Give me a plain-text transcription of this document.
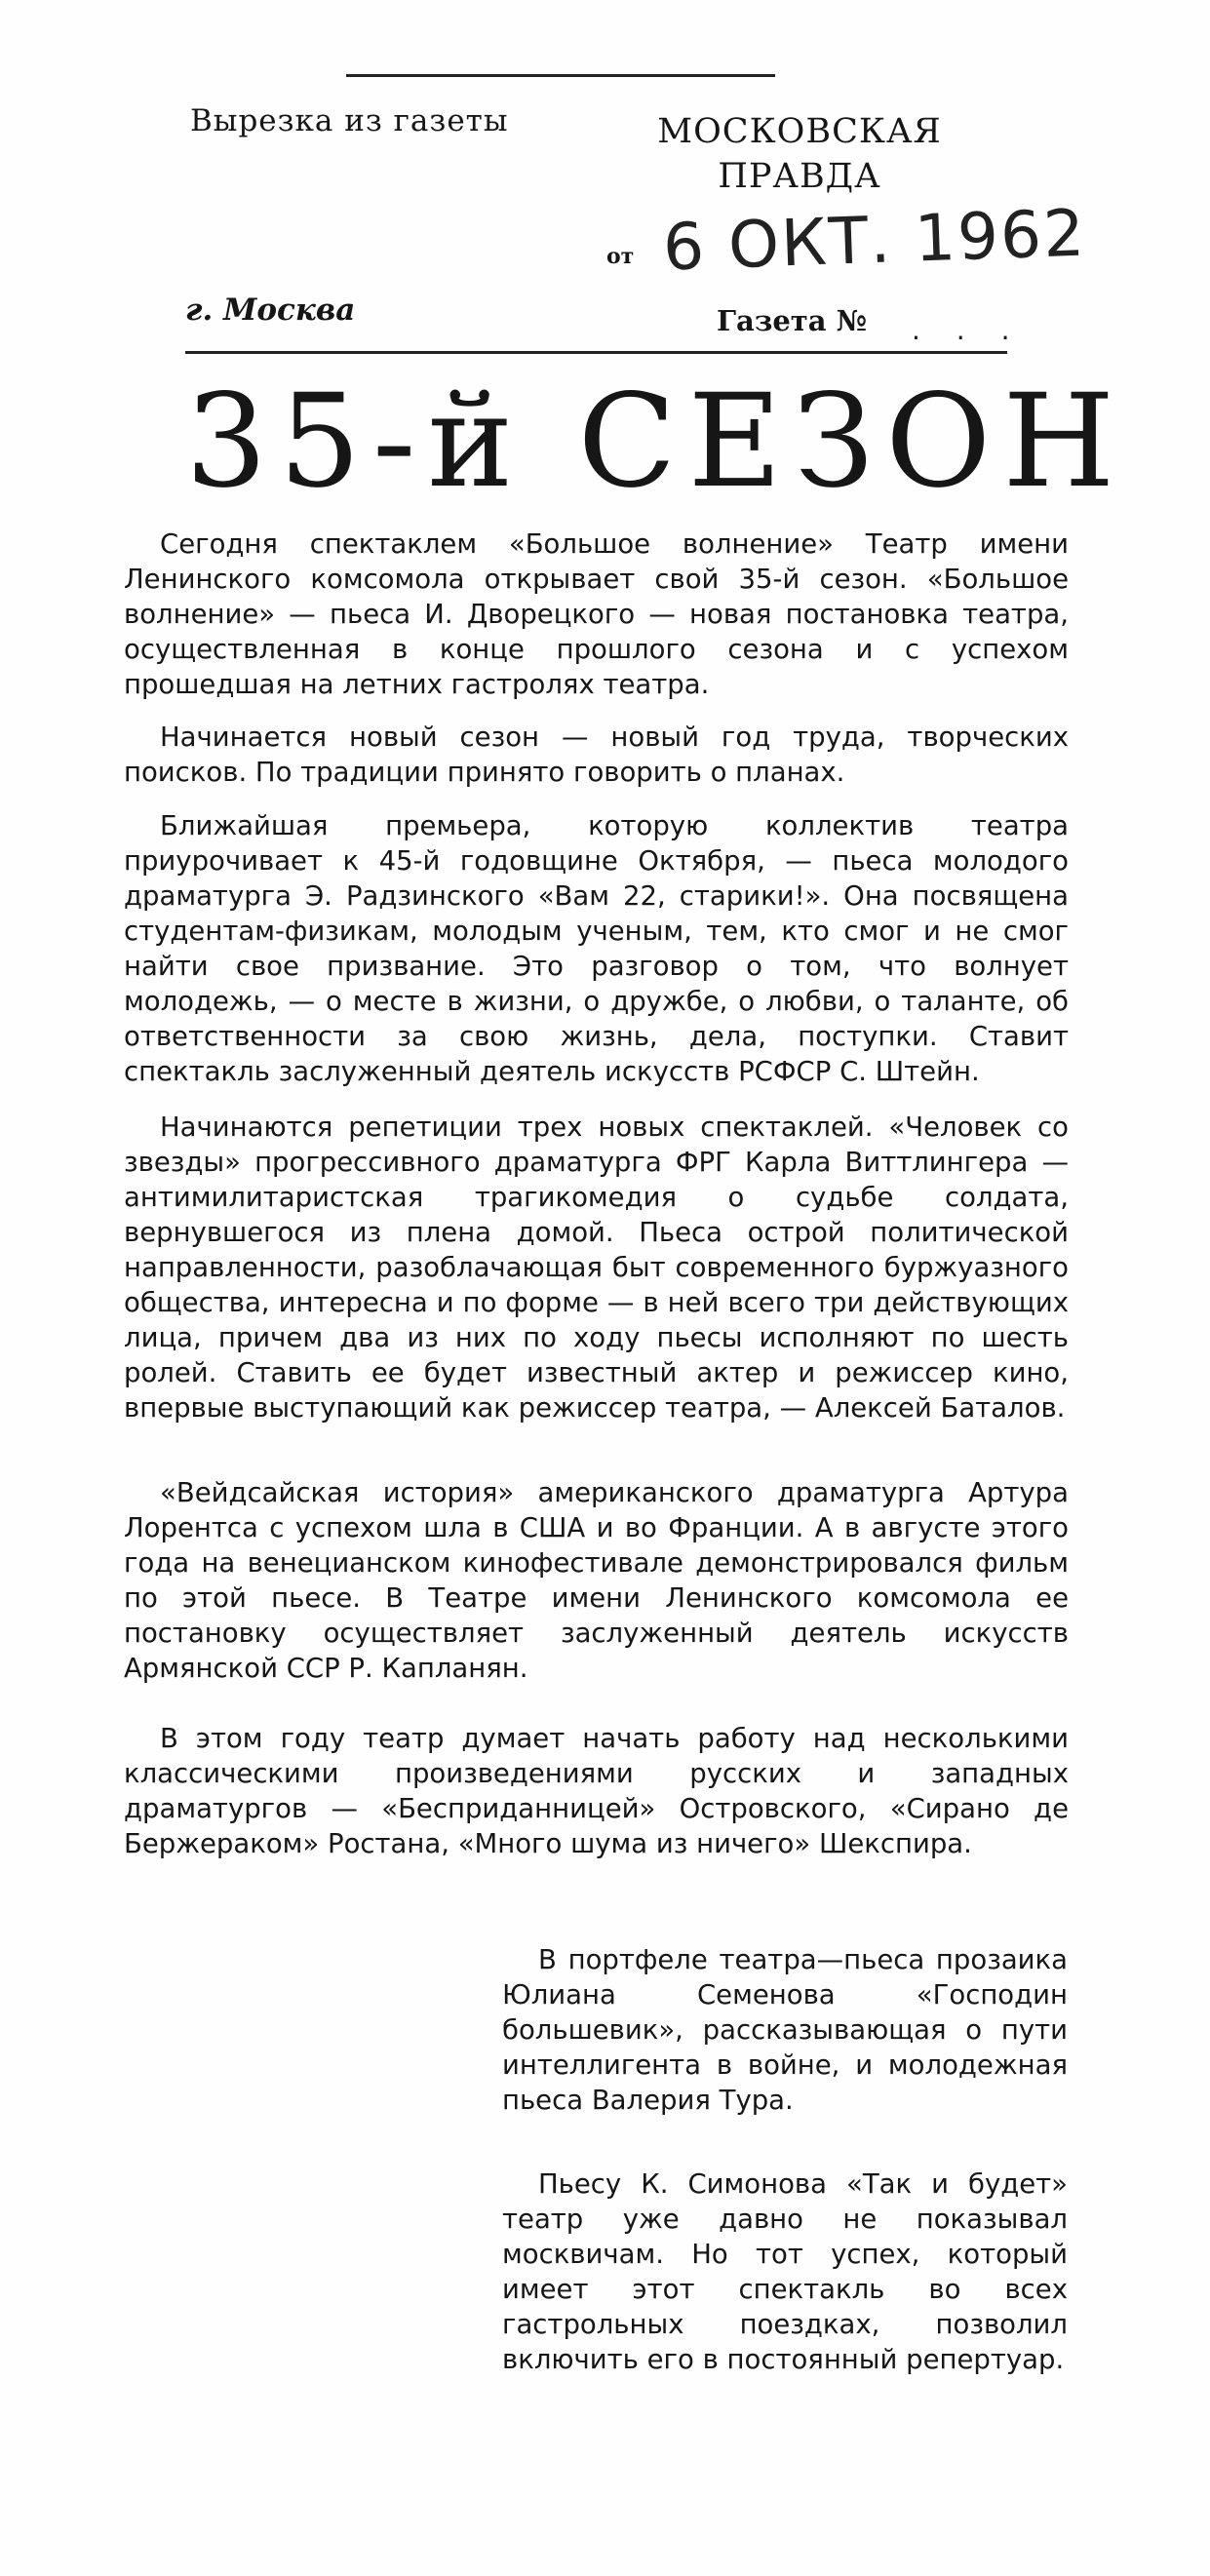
Вырезка из газеты	МОСКОВСКАЯ ПРАВДА
от 6 ОКТ. 1962
г. Москва	Газета № . . .
35-й СЕЗОН

Сегодня спектаклем «Большое волнение» Театр имени Ленинского комсомола открывает свой 35-й сезон. «Большое волнение» — пьеса И. Дворецкого — новая постановка театра, осуществленная в конце прошлого сезона и с успехом прошедшая на летних гастролях театра.

Начинается новый сезон — новый год труда, творческих поисков. По традиции принято говорить о планах.

Ближайшая премьера, которую коллектив театра приурочивает к 45-й годовщине Октября, — пьеса молодого драматурга Э. Радзинского «Вам 22, старики!». Она посвящена студентам-физикам, молодым ученым, тем, кто смог и не смог найти свое призвание. Это разговор о том, что волнует молодежь, — о месте в жизни, о дружбе, о любви, о таланте, об ответственности за свою жизнь, дела, поступки. Ставит спектакль заслуженный деятель искусств РСФСР С. Штейн.

Начинаются репетиции трех новых спектаклей. «Человек со звезды» прогрессивного драматурга ФРГ Карла Виттлингера — антимилитаристская трагикомедия о судьбе солдата, вернувшегося из плена домой. Пьеса острой политической направленности, разоблачающая быт современного буржуазного общества, интересна и по форме — в ней всего три действующих лица, причем два из них по ходу пьесы исполняют по шесть ролей. Ставить ее будет известный актер и режиссер кино, впервые выступающий как режиссер театра, — Алексей Баталов.

«Вейдсайская история» американского драматурга Артура Лорентса с успехом шла в США и во Франции. А в августе этого года на венецианском кинофестивале демонстрировался фильм по этой пьесе. В Театре имени Ленинского комсомола ее постановку осуществляет заслуженный деятель искусств Армянской ССР Р. Капланян.

В этом году театр думает начать работу над несколькими классическими произведениями русских и западных драматургов — «Бесприданницей» Островского, «Сирано де Бержераком» Ростана, «Много шума из ничего» Шекспира.

В портфеле театра—пьеса прозаика Юлиана Семенова «Господин большевик», рассказывающая о пути интеллигента в войне, и молодежная пьеса Валерия Тура.

Пьесу К. Симонова «Так и будет» театр уже давно не показывал москвичам. Но тот успех, который имеет этот спектакль во всех гастрольных поездках, позволил включить его в постоянный репертуар.
